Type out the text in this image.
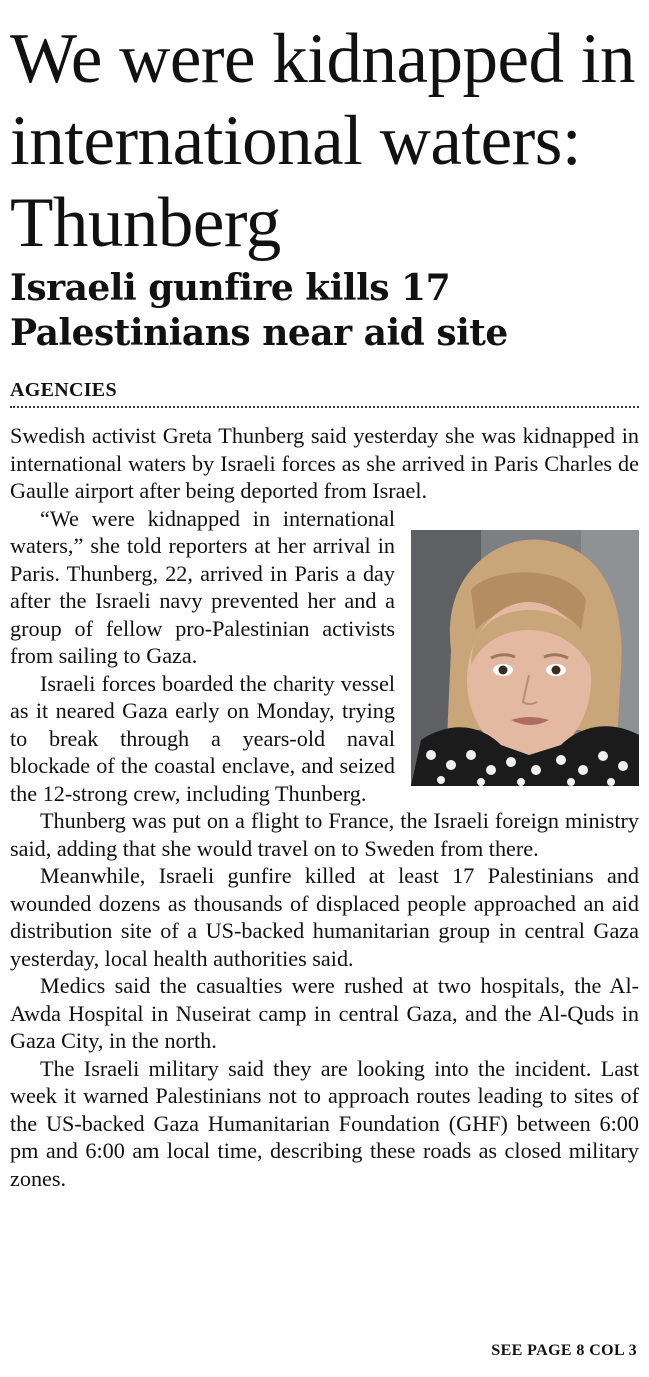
We were kidnapped in international waters: Thunberg
Israeli gunfire kills 17 Palestinians near aid site
AGENCIES

Swedish activist Greta Thunberg said yesterday she was kidnapped in international waters by Israeli forces as she arrived in Paris Charles de Gaulle airport after being deported from Israel.

“We were kidnapped in international waters,” she told reporters at her arrival in Paris. Thunberg, 22, arrived in Paris a day after the Israeli navy prevented her and a group of fellow pro-Palestinian activists from sailing to Gaza.

Israeli forces boarded the charity vessel as it neared Gaza early on Monday, trying to break through a years-old naval blockade of the coastal enclave, and seized the 12-strong crew, including Thunberg.

Thunberg was put on a flight to France, the Israeli foreign ministry said, adding that she would travel on to Sweden from there.

Meanwhile, Israeli gunfire killed at least 17 Palestinians and wounded dozens as thousands of displaced people approached an aid distribution site of a US-backed humanitarian group in central Gaza yesterday, local health authorities said.

Medics said the casualties were rushed at two hospitals, the Al-Awda Hospital in Nuseirat camp in central Gaza, and the Al-Quds in Gaza City, in the north.

The Israeli military said they are looking into the incident. Last week it warned Palestinians not to approach routes leading to sites of the US-backed Gaza Humanitarian Foundation (GHF) between 6:00 pm and 6:00 am local time, describing these roads as closed military zones.

SEE PAGE 8 COL 3
